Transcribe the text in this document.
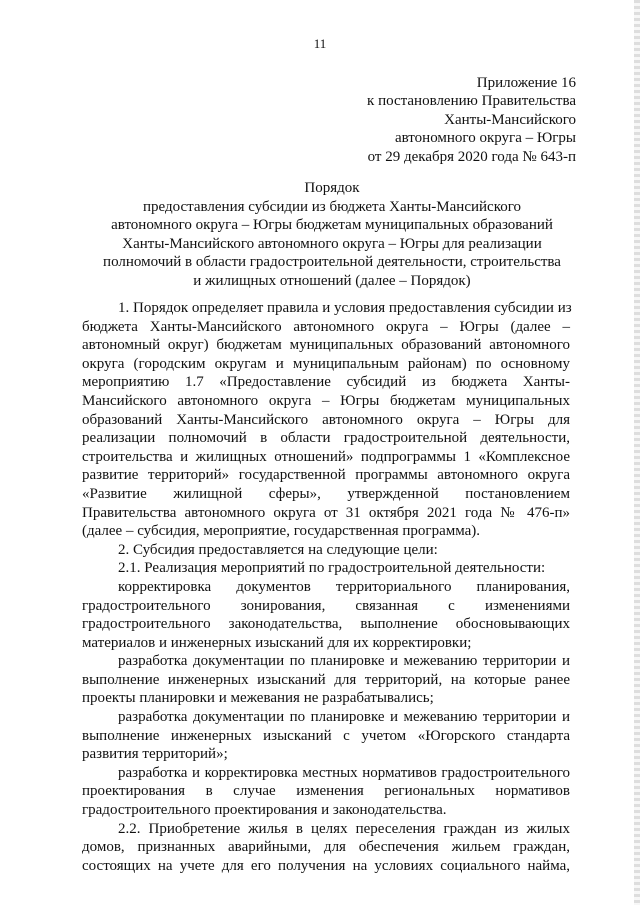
11
Приложение 16
к постановлению Правительства
Ханты-Мансийского
автономного округа – Югры
от 29 декабря 2020 года № 643-п
Порядок
предоставления субсидии из бюджета Ханты-Мансийского
автономного округа – Югры бюджетам муниципальных образований
Ханты-Мансийского автономного округа – Югры для реализации
полномочий в области градостроительной деятельности, строительства
и жилищных отношений (далее – Порядок)

1. Порядок определяет правила и условия предоставления субсидии из
бюджета Ханты-Мансийского автономного округа – Югры (далее –
автономный округ) бюджетам муниципальных образований автономного
округа (городским округам и муниципальным районам) по основному
мероприятию 1.7 «Предоставление субсидий из бюджета Ханты-
Мансийского автономного округа – Югры бюджетам муниципальных
образований Ханты-Мансийского автономного округа – Югры для
реализации полномочий в области градостроительной деятельности,
строительства и жилищных отношений» подпрограммы 1 «Комплексное
развитие территорий» государственной программы автономного округа
«Развитие жилищной сферы», утвержденной постановлением
Правительства автономного округа от 31 октября 2021 года № 476-п»
(далее – субсидия, мероприятие, государственная программа).

2. Субсидия предоставляется на следующие цели:

2.1. Реализация мероприятий по градостроительной деятельности:

корректировка документов территориального планирования,
градостроительного зонирования, связанная с изменениями
градостроительного законодательства, выполнение обосновывающих
материалов и инженерных изысканий для их корректировки;

разработка документации по планировке и межеванию территории и
выполнение инженерных изысканий для территорий, на которые ранее
проекты планировки и межевания не разрабатывались;

разработка документации по планировке и межеванию территории и
выполнение инженерных изысканий с учетом «Югорского стандарта
развития территорий»;

разработка и корректировка местных нормативов градостроительного
проектирования в случае изменения региональных нормативов
градостроительного проектирования и законодательства.

2.2. Приобретение жилья в целях переселения граждан из жилых
домов, признанных аварийными, для обеспечения жильем граждан,
состоящих на учете для его получения на условиях социального найма,
